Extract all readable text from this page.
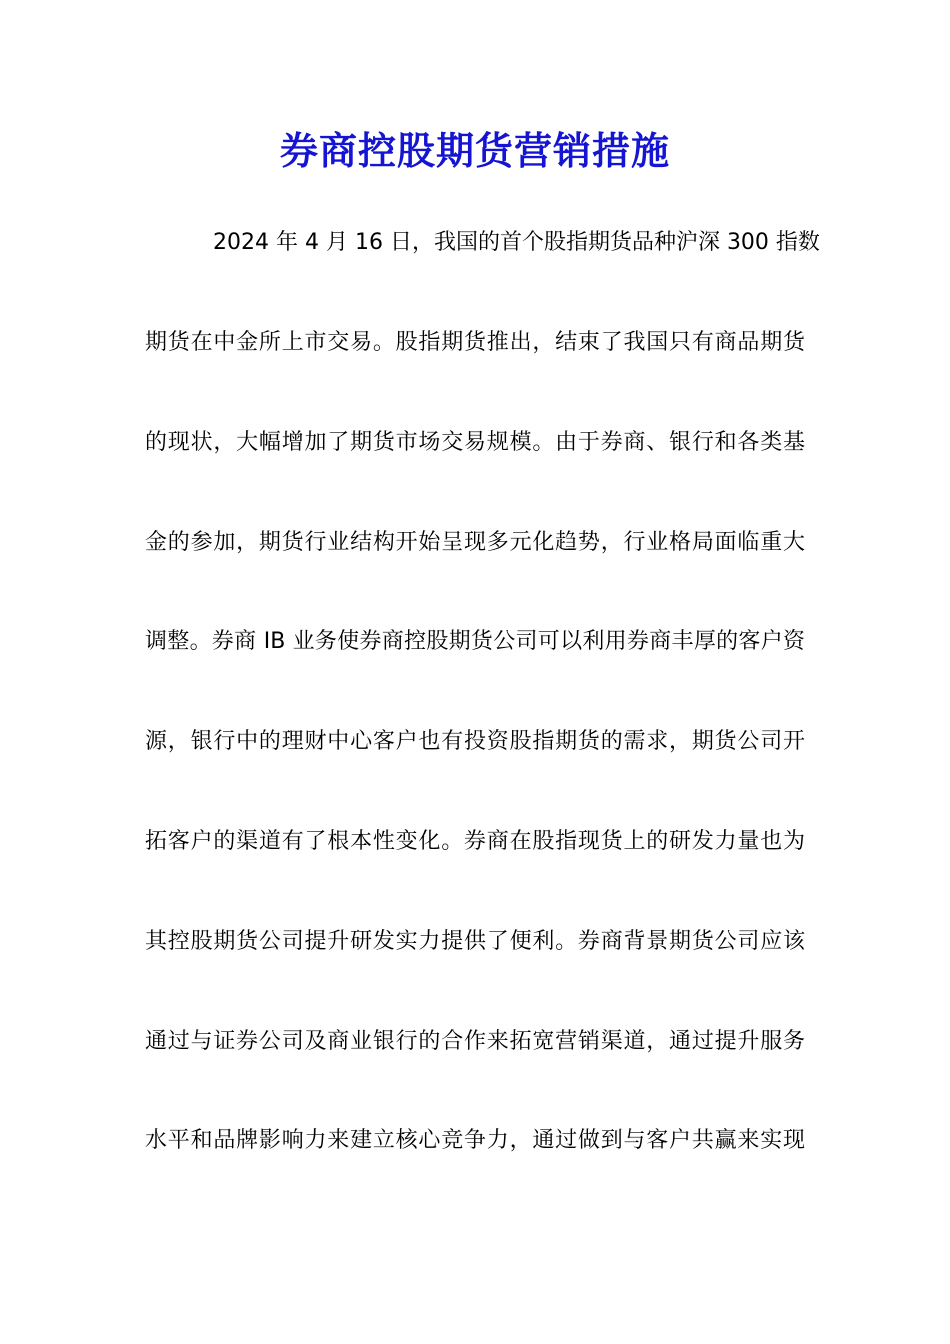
券商控股期货营销措施
2024 年 4 月 16 日，我国的首个股指期货品种沪深 300 指数
期货在中金所上市交易。股指期货推出，结束了我国只有商品期货
的现状，大幅增加了期货市场交易规模。由于券商、银行和各类基
金的参加，期货行业结构开始呈现多元化趋势，行业格局面临重大
调整。券商 IB 业务使券商控股期货公司可以利用券商丰厚的客户资
源，银行中的理财中心客户也有投资股指期货的需求，期货公司开
拓客户的渠道有了根本性变化。券商在股指现货上的研发力量也为
其控股期货公司提升研发实力提供了便利。券商背景期货公司应该
通过与证券公司及商业银行的合作来拓宽营销渠道，通过提升服务
水平和品牌影响力来建立核心竞争力，通过做到与客户共赢来实现
